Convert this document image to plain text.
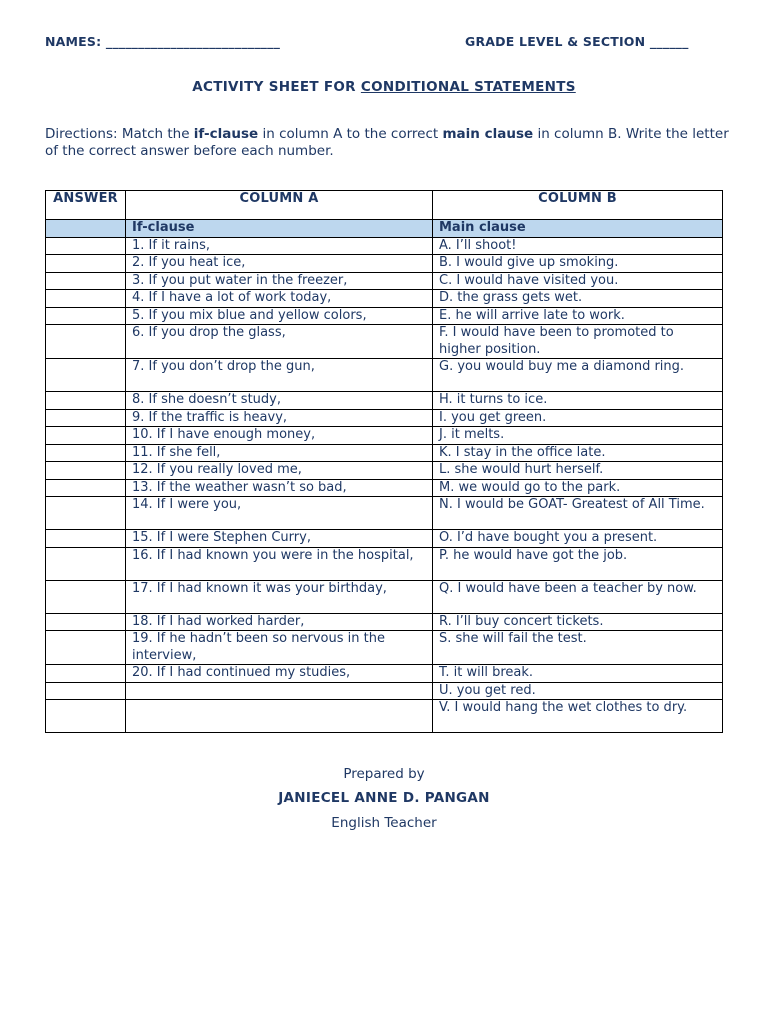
NAMES: ___________________________	GRADE LEVEL & SECTION ______
ACTIVITY SHEET FOR CONDITIONAL STATEMENTS
Directions: Match the if-clause in column A to the correct main clause in column B. Write the letter of the correct answer before each number.
ANSWER	COLUMN A	COLUMN B
	If-clause	Main clause
	1. If it rains,	A. I’ll shoot!
	2. If you heat ice,	B. I would give up smoking.
	3. If you put water in the freezer,	C. I would have visited you.
	4. If I have a lot of work today,	D. the grass gets wet.
	5. If you mix blue and yellow colors,	E. he will arrive late to work.
	6. If you drop the glass,	F. I would have been to promoted to higher position.
	7. If you don’t drop the gun,	G. you would buy me a diamond ring.
	8. If she doesn’t study,	H. it turns to ice.
	9. If the traffic is heavy,	I. you get green.
	10. If I have enough money,	J. it melts.
	11. If she fell,	K. I stay in the office late.
	12. If you really loved me,	L. she would hurt herself.
	13. If the weather wasn’t so bad,	M. we would go to the park.
	14. If I were you,	N. I would be GOAT- Greatest of All Time.
	15. If I were Stephen Curry,	O. I’d have bought you a present.
	16. If I had known you were in the hospital,	P. he would have got the job.
	17. If I had known it was your birthday,	Q. I would have been a teacher by now.
	18. If I had worked harder,	R. I’ll buy concert tickets.
	19. If he hadn’t been so nervous in the interview,	S. she will fail the test.
	20. If I had continued my studies,	T. it will break.
		U. you get red.
		V. I would hang the wet clothes to dry.
Prepared by
JANIECEL ANNE D. PANGAN
English Teacher
